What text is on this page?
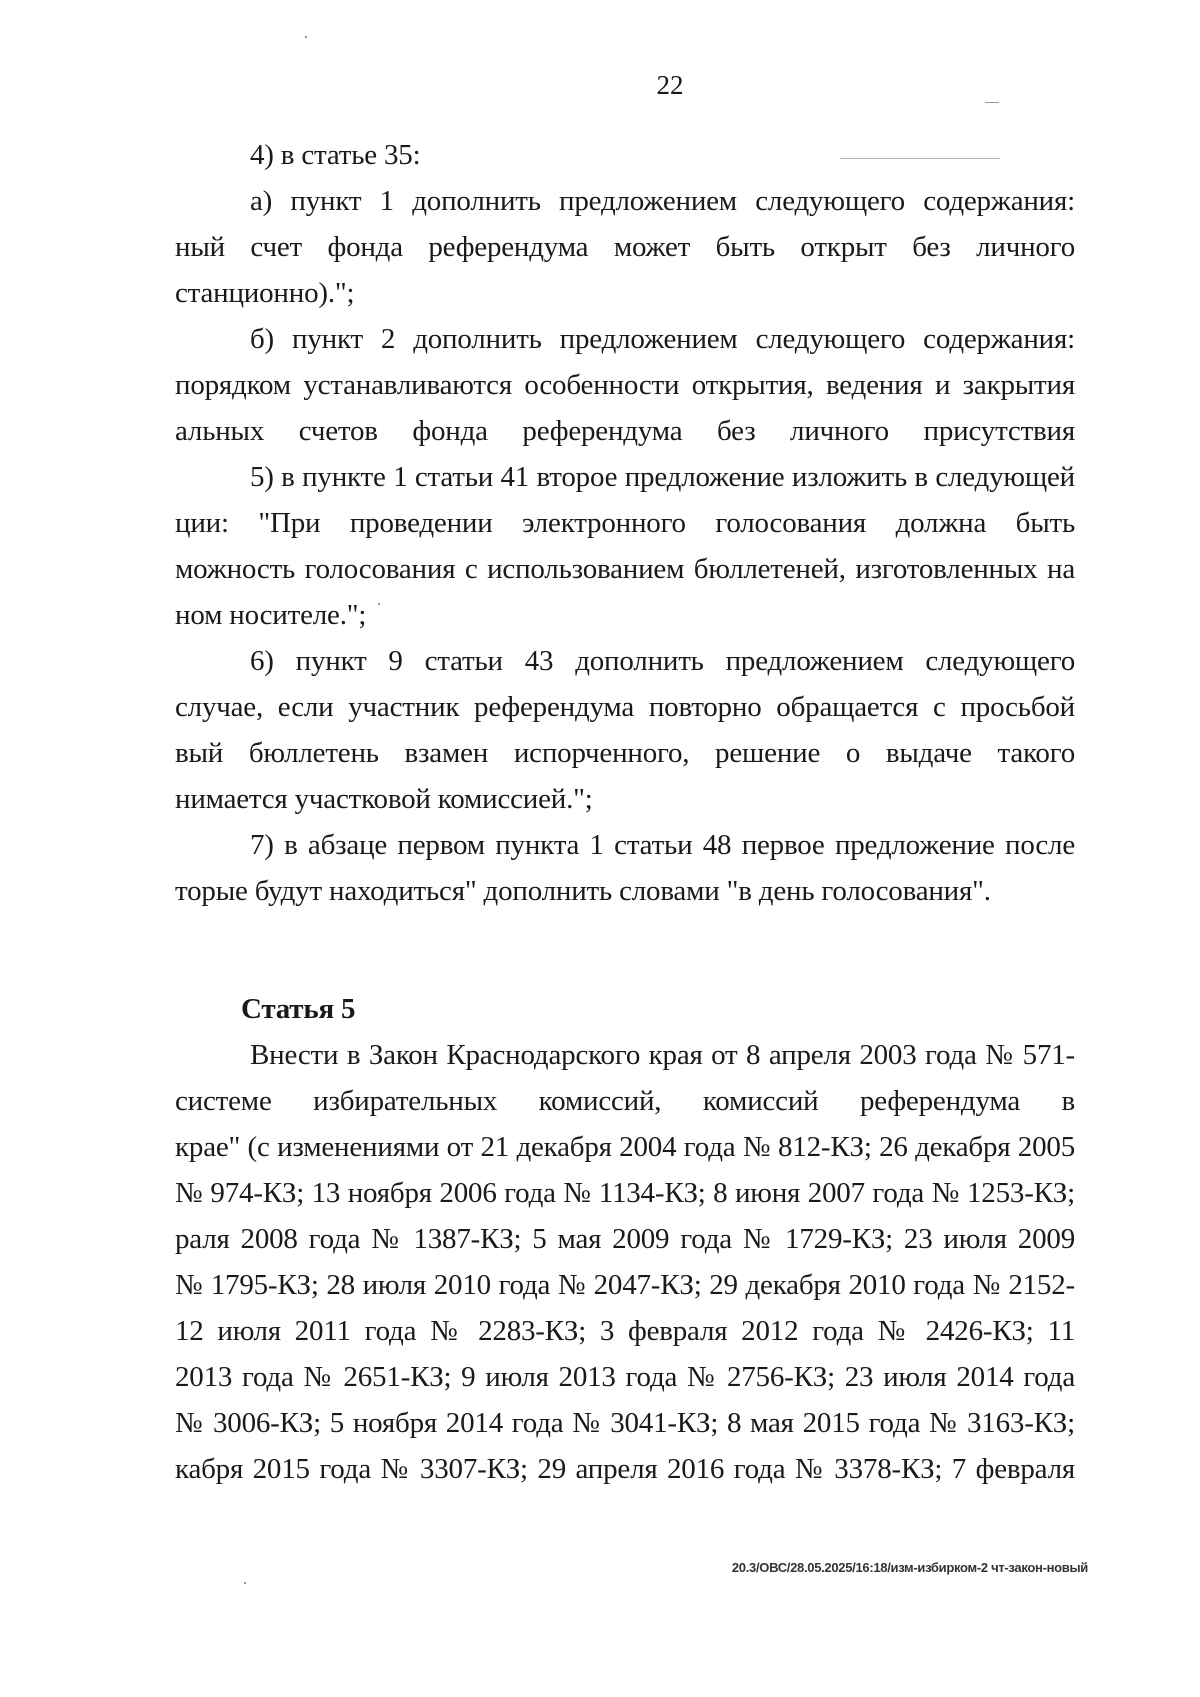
22
4) в статье 35:
а) пункт 1 дополнить предложением следующего содержания:
ный счет фонда референдума может быть открыт без личного
станционно).";
б) пункт 2 дополнить предложением следующего содержания:
порядком устанавливаются особенности открытия, ведения и закрытия
альных счетов фонда референдума без личного присутствия
5) в пункте 1 статьи 41 второе предложение изложить в следующей
ции: "При проведении электронного голосования должна быть
можность голосования с использованием бюллетеней, изготовленных на
ном носителе.";
6) пункт 9 статьи 43 дополнить предложением следующего
случае, если участник референдума повторно обращается с просьбой
вый бюллетень взамен испорченного, решение о выдаче такого
нимается участковой комиссией.";
7) в абзаце первом пункта 1 статьи 48 первое предложение после
торые будут находиться" дополнить словами "в день голосования".
Статья 5
Внести в Закон Краснодарского края от 8 апреля 2003 года № 571-
системе избирательных комиссий, комиссий референдума в
крае" (с изменениями от 21 декабря 2004 года № 812-КЗ; 26 декабря 2005
№ 974-КЗ; 13 ноября 2006 года № 1134-КЗ; 8 июня 2007 года № 1253-КЗ;
раля 2008 года № 1387-КЗ; 5 мая 2009 года № 1729-КЗ; 23 июля 2009
№ 1795-КЗ; 28 июля 2010 года № 2047-КЗ; 29 декабря 2010 года № 2152-
12 июля 2011 года № 2283-КЗ; 3 февраля 2012 года № 2426-КЗ; 11
2013 года № 2651-КЗ; 9 июля 2013 года № 2756-КЗ; 23 июля 2014 года
№ 3006-КЗ; 5 ноября 2014 года № 3041-КЗ; 8 мая 2015 года № 3163-КЗ;
кабря 2015 года № 3307-КЗ; 29 апреля 2016 года № 3378-КЗ; 7 февраля
20.3/ОВС/28.05.2025/16:18/изм-избирком-2 чт-закон-новый
